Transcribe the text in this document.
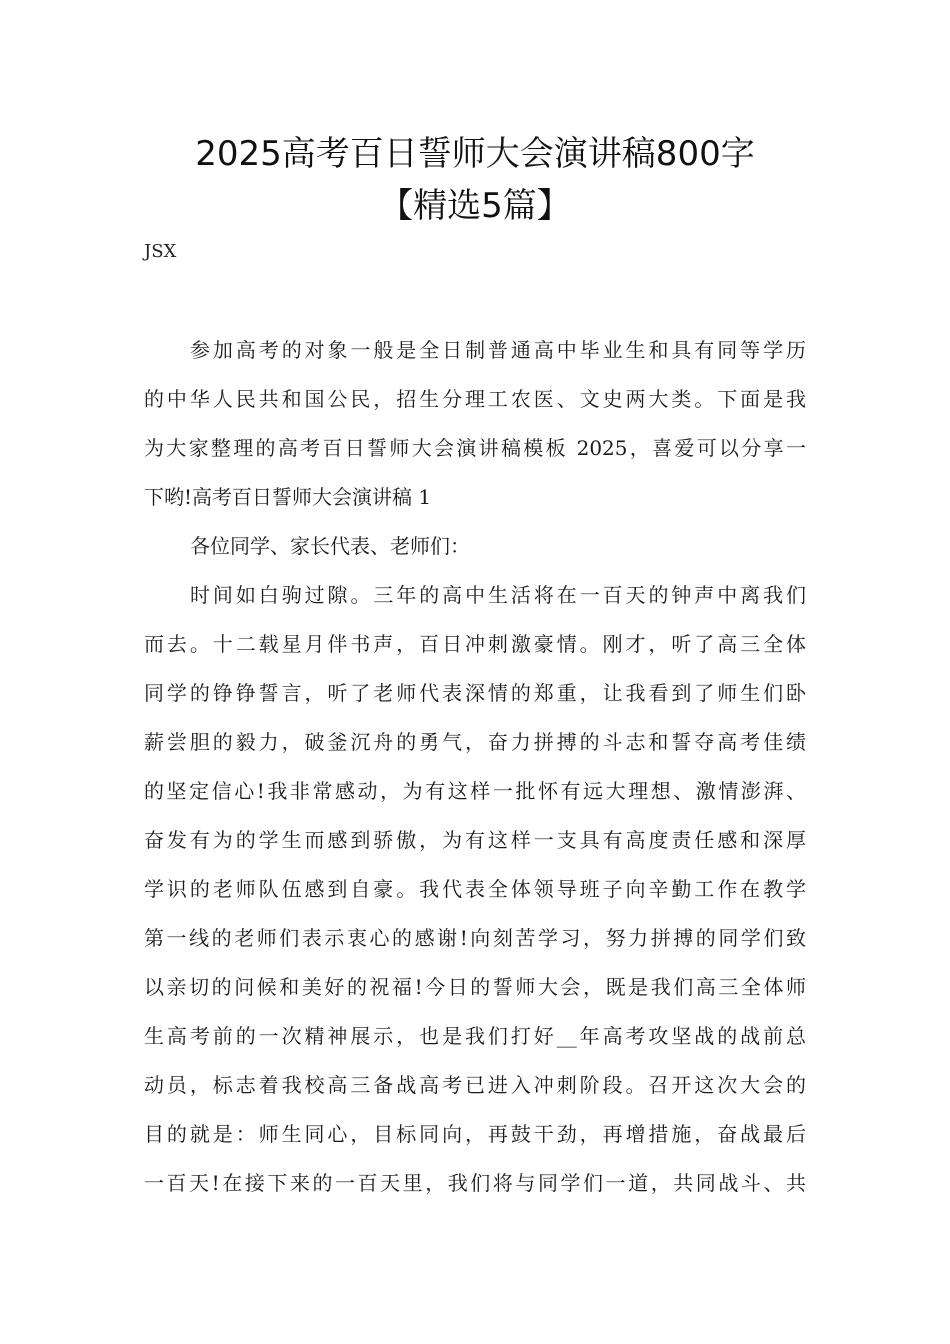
2025高考百日誓师大会演讲稿800字
【精选5篇】
JSX
参加高考的对象一般是全日制普通高中毕业生和具有同等学历
的中华人民共和国公民，招生分理工农医、文史两大类。下面是我
为大家整理的高考百日誓师大会演讲稿模板 2025，喜爱可以分享一
下哟!高考百日誓师大会演讲稿 1
各位同学、家长代表、老师们：
时间如白驹过隙。三年的高中生活将在一百天的钟声中离我们
而去。十二载星月伴书声，百日冲刺激豪情。刚才，听了高三全体
同学的铮铮誓言，听了老师代表深情的郑重，让我看到了师生们卧
薪尝胆的毅力，破釜沉舟的勇气，奋力拼搏的斗志和誓夺高考佳绩
的坚定信心!我非常感动，为有这样一批怀有远大理想、激情澎湃、
奋发有为的学生而感到骄傲，为有这样一支具有高度责任感和深厚
学识的老师队伍感到自豪。我代表全体领导班子向辛勤工作在教学
第一线的老师们表示衷心的感谢!向刻苦学习，努力拼搏的同学们致
以亲切的问候和美好的祝福!今日的誓师大会，既是我们高三全体师
生高考前的一次精神展示，也是我们打好__年高考攻坚战的战前总
动员，标志着我校高三备战高考已进入冲刺阶段。召开这次大会的
目的就是：师生同心，目标同向，再鼓干劲，再增措施，奋战最后
一百天!在接下来的一百天里，我们将与同学们一道，共同战斗、共
